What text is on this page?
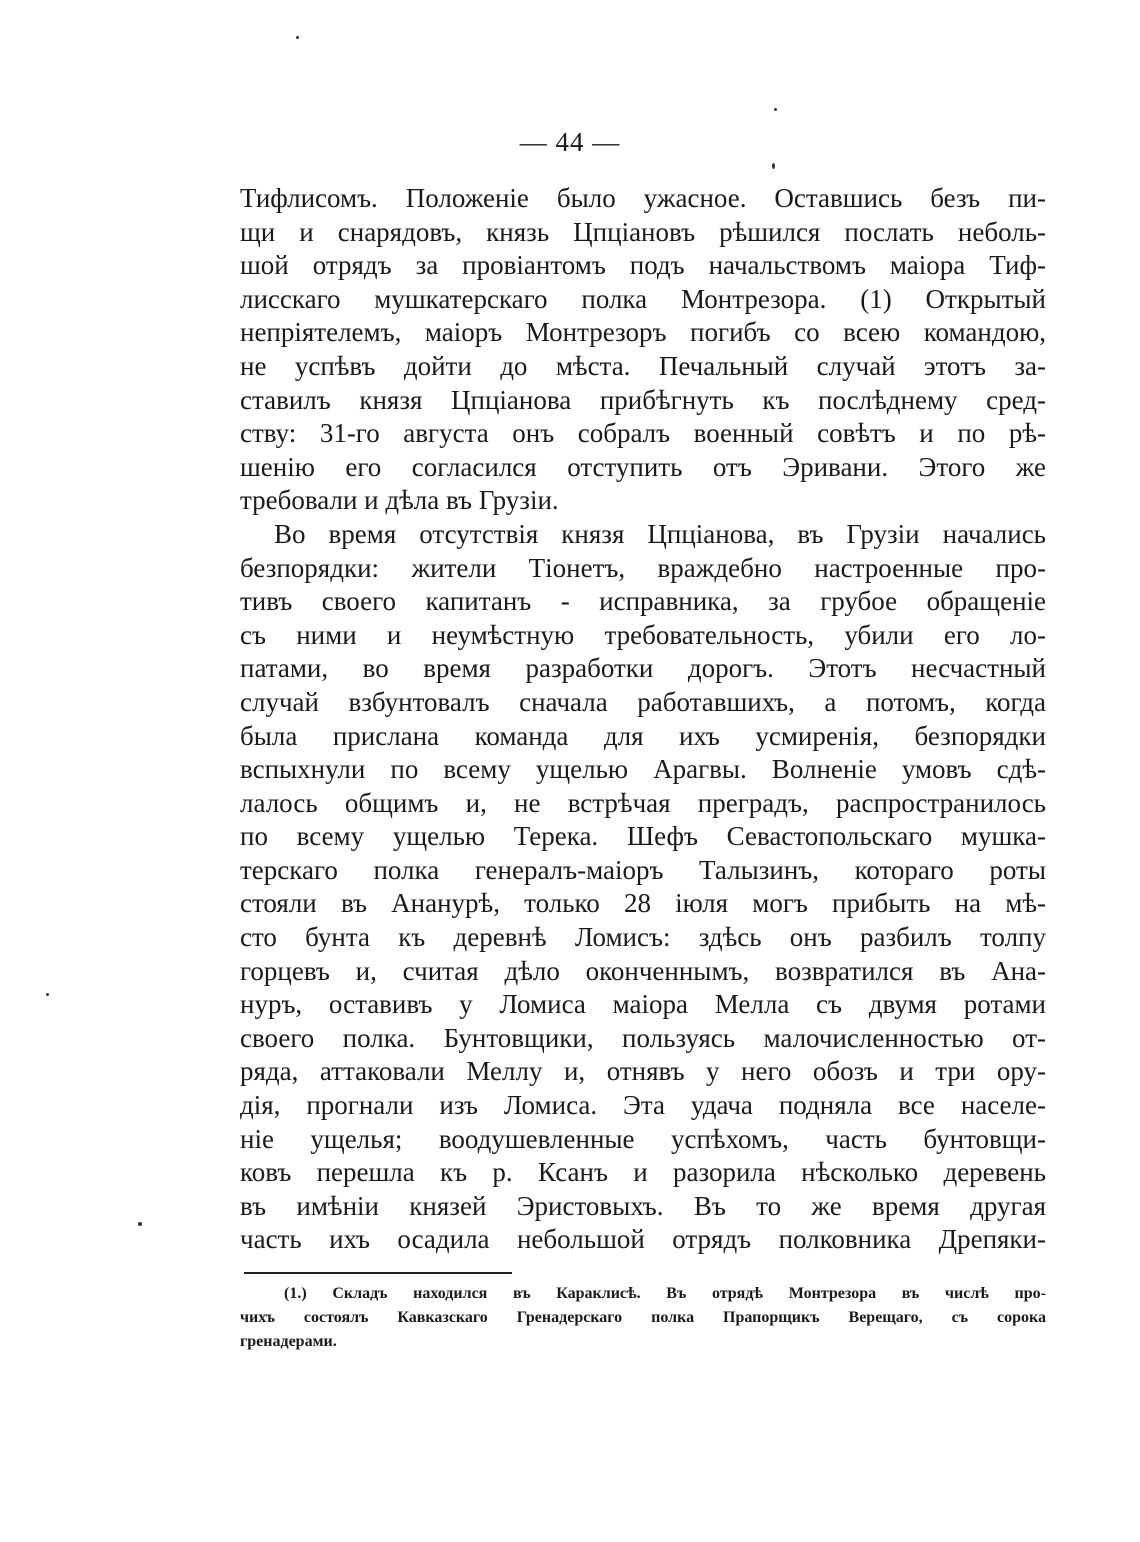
— 44 —
Тифлисомъ. Положеніе было ужасное. Оставшись безъ пи-
щи и снарядовъ, князь Цпціановъ рѣшился послать неболь-
шой отрядъ за провіантомъ подъ начальствомъ маіора Тиф-
лисскаго мушкатерскаго полка Монтрезора. (1) Открытый
непріятелемъ, маіоръ Монтрезоръ погибъ со всею командою,
не успѣвъ дойти до мѣста. Печальный случай этотъ за-
ставилъ князя Цпціанова прибѣгнуть къ послѣднему сред-
ству: 31-го августа онъ собралъ военный совѣтъ и по рѣ-
шенію его согласился отступить отъ Эривани. Этого же
требовали и дѣла въ Грузіи.
Во время отсутствія князя Цпціанова, въ Грузіи начались
безпорядки: жители Тіонетъ, враждебно настроенные про-
тивъ своего капитанъ - исправника, за грубое обращеніе
съ ними и неумѣстную требовательность, убили его ло-
патами, во время разработки дорогъ. Этотъ несчастный
случай взбунтовалъ сначала работавшихъ, а потомъ, когда
была прислана команда для ихъ усмиренія, безпорядки
вспыхнули по всему ущелью Арагвы. Волненіе умовъ сдѣ-
лалось общимъ и, не встрѣчая преградъ, распространилось
по всему ущелью Терека. Шефъ Севастопольскаго мушка-
терскаго полка генералъ-маіоръ Талызинъ, котораго роты
стояли въ Ананурѣ, только 28 іюля могъ прибыть на мѣ-
сто бунта къ деревнѣ Ломисъ: здѣсь онъ разбилъ толпу
горцевъ и, считая дѣло оконченнымъ, возвратился въ Ана-
нуръ, оставивъ у Ломиса маіора Мелла съ двумя ротами
своего полка. Бунтовщики, пользуясь малочисленностью от-
ряда, аттаковали Меллу и, отнявъ у него обозъ и три ору-
дія, прогнали изъ Ломиса. Эта удача подняла все населе-
ніе ущелья; воодушевленные успѣхомъ, часть бунтовщи-
ковъ перешла къ р. Ксанъ и разорила нѣсколько деревень
въ имѣніи князей Эристовыхъ. Въ то же время другая
часть ихъ осадила небольшой отрядъ полковника Дрепяки-
(1.) Складъ находился въ Караклисѣ. Въ отрядѣ Монтрезора въ числѣ про-
чихъ состоялъ Кавказскаго Гренадерскаго полка Прапорщикъ Верещаго, съ сорока
гренадерами.
